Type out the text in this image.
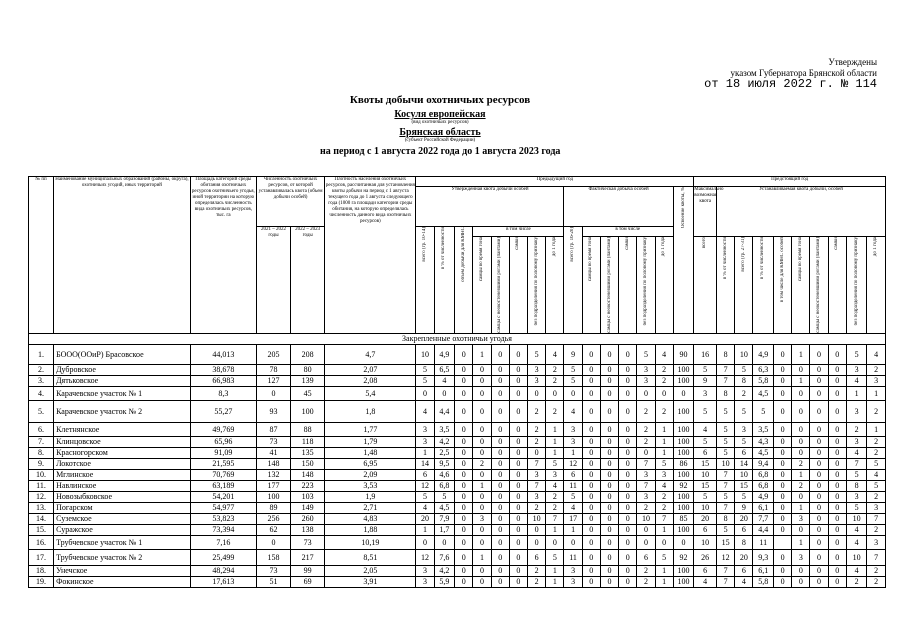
Утверждены
указом Губернатора Брянской области
от 18 июля 2022 г. № 114
Квоты добычи охотничьих ресурсов
Косуля европейская
(вид охотничьих ресурсов)
Брянская область
(субъект Российской Федерации)
на период с 1 августа 2022 года до 1 августа 2023 года
№ пп	Наименование муниципальных образований (районы, округа), охотничьих угодий, иных территорий	Площадь категорий среды обитания охотничьих ресурсов охотничьего угодья, иной территории на которую определялась численность вида охотничьих ресурсов, тыс. га	Численность охотничьих ресурсов, от которой устанавливалась квота (объем добычи особей)		Плотность населения охотничьих ресурсов, рассчитанная для установления квоты добычи на период с 1 августа текущего года до 1 августа следующего года (1000 га площади категории среды обитания, на которую определялась численность данного вида охотничьих ресурсов)	Предыдущий год															Предстоящий год									
						Утвержденная квота добычи особей								Фактическая добыча особей						Освоение квоты, %	Максимально возможная квота	Устанавливаемая квота добычи, особей								
			2021 – 2022 годы	2022 – 2023 годы		всего (гр. 10-14)	в % от численности	объем добычи для КМНС	в том числе					всего (гр. 16-20)	в том числе															

									самцы во время гона	самцы с неокостеневшими рогами (пантами)	самки	без подразделения по половому признаку	до 1 года		самцы во время гона	самцы с неокостеневшими рогами (пантами)	самки	без подразделения по половому признаку	до 1 года		всего	в % от численности	всего (гр. 27-31)	в % от численности	в том числе для КМНС особей	самцы во время гона	самцы с неокостеневшими рогами (пантами)	самки	без подразделения по половому признаку	до 1 года

Закрепленные охотничьи угодья																														
1.	БООО(ООиР) Брасовское	44,013	205	208	4,7	10	4,9	0	1	0	0	5	4	9	0	0	0	5	4	90	16	8	10	4,9	0	1	0	0	5	4
2.	Дубровское	38,678	78	80	2,07	5	6,5	0	0	0	0	3	2	5	0	0	0	3	2	100	5	7	5	6,3	0	0	0	0	3	2
3.	Дятьковское	66,983	127	139	2,08	5	4	0	0	0	0	3	2	5	0	0	0	3	2	100	9	7	8	5,8	0	1	0	0	4	3
4.	Карачевское участок № 1	8,3	0	45	5,4	0	0	0	0	0	0	0	0	0	0	0	0	0	0	0	3	8	2	4,5	0	0	0	0	1	1
5.	Карачевское участок № 2	55,27	93	100	1,8	4	4,4	0	0	0	0	2	2	4	0	0	0	2	2	100	5	5	5	5	0	0	0	0	3	2
6.	Клетнянское	49,769	87	88	1,77	3	3,5	0	0	0	0	2	1	3	0	0	0	2	1	100	4	5	3	3,5	0	0	0	0	2	1
7.	Клинцовское	65,96	73	118	1,79	3	4,2	0	0	0	0	2	1	3	0	0	0	2	1	100	5	5	5	4,3	0	0	0	0	3	2
8.	Красногорском	91,09	41	135	1,48	1	2,5	0	0	0	0	0	1	1	0	0	0	0	1	100	6	5	6	4,5	0	0	0	0	4	2
9.	Локотское	21,595	148	150	6,95	14	9,5	0	2	0	0	7	5	12	0	0	0	7	5	86	15	10	14	9,4	0	2	0	0	7	5
10.	Мглинское	70,769	132	148	2,09	6	4,6	0	0	0	0	3	3	6	0	0	0	3	3	100	10	7	10	6,8	0	1	0	0	5	4
11.	Навлинское	63,189	177	223	3,53	12	6,8	0	1	0	0	7	4	11	0	0	0	7	4	92	15	7	15	6,8	0	2	0	0	8	5
12.	Новозыбковское	54,201	100	103	1,9	5	5	0	0	0	0	3	2	5	0	0	0	3	2	100	5	5	5	4,9	0	0	0	0	3	2
13.	Погарском	54,977	89	149	2,71	4	4,5	0	0	0	0	2	2	4	0	0	0	2	2	100	10	7	9	6,1	0	1	0	0	5	3
14.	Суземское	53,823	256	260	4,83	20	7,9	0	3	0	0	10	7	17	0	0	0	10	7	85	20	8	20	7,7	0	3	0	0	10	7
15.	Суражское	73,394	62	138	1,88	1	1,7	0	0	0	0	0	1	1	0	0	0	0	1	100	6	5	6	4,4	0	0	0	0	4	2
16.	Трубчевское участок № 1	7,16	0	73	10,19	0	0	0	0	0	0	0	0	0	0	0	0	0	0	0	10	15	8	11		1	0	0	4	3
17.	Трубчевское участок № 2	25,499	158	217	8,51	12	7,6	0	1	0	0	6	5	11	0	0	0	6	5	92	26	12	20	9,3	0	3	0	0	10	7
18.	Унечское	48,294	73	99	2,05	3	4,2	0	0	0	0	2	1	3	0	0	0	2	1	100	6	7	6	6,1	0	0	0	0	4	2
19.	Фокинское	17,613	51	69	3,91	3	5,9	0	0	0	0	2	1	3	0	0	0	2	1	100	4	7	4	5,8	0	0	0	0	2	2
